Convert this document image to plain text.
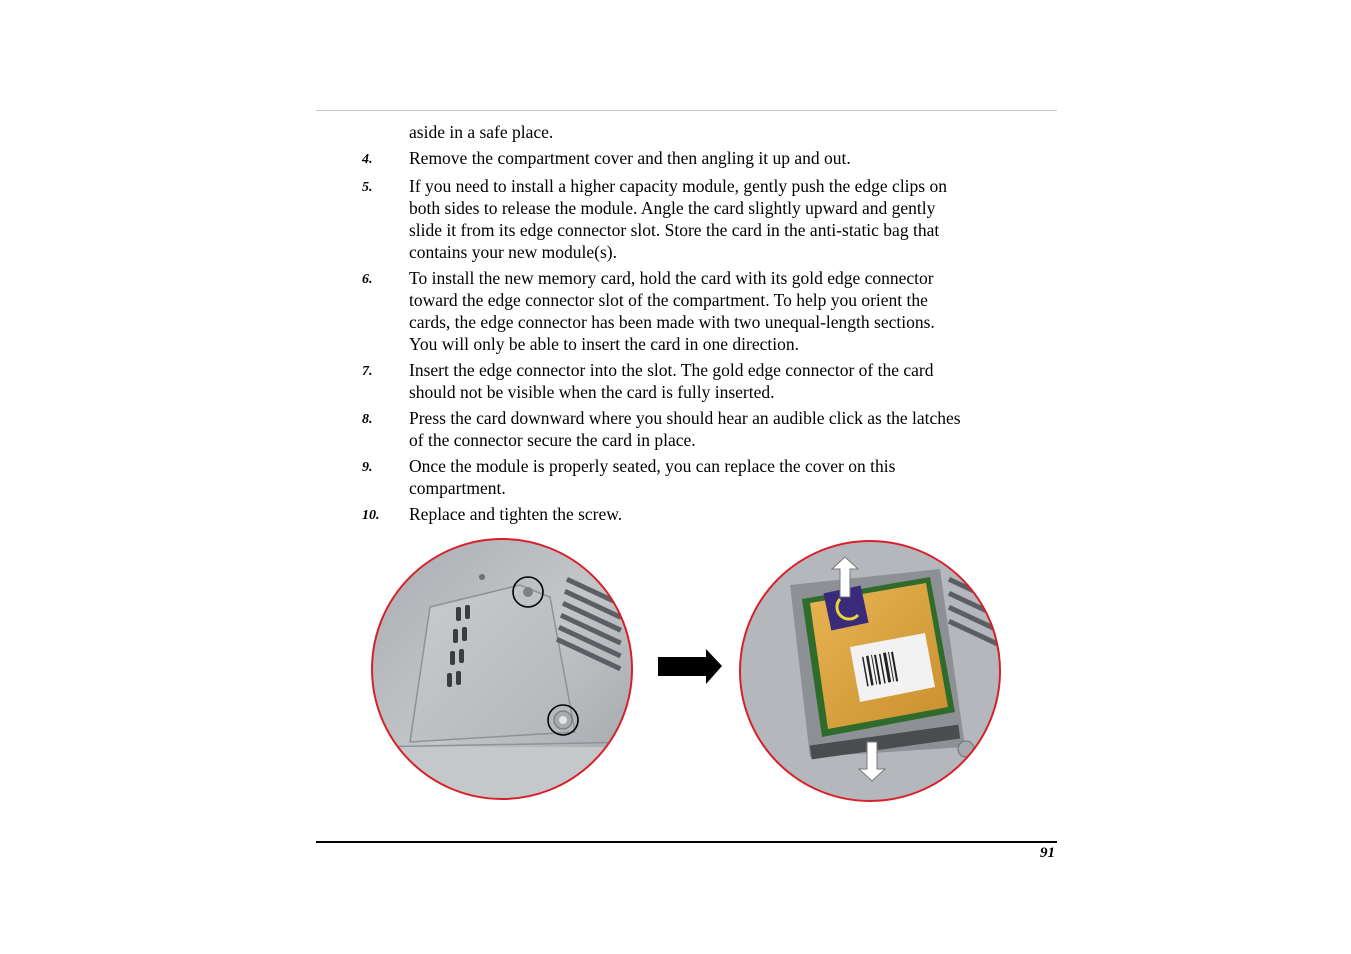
aside in a safe place.
4.	Remove the compartment cover and then angling it up and out.
5.	If you need to install a higher capacity module, gently push the edge clips on
both sides to release the module. Angle the card slightly upward and gently
slide it from its edge connector slot. Store the card in the anti-static bag that
contains your new module(s).
6.	To install the new memory card, hold the card with its gold edge connector
toward the edge connector slot of the compartment. To help you orient the
cards, the edge connector has been made with two unequal-length sections.
You will only be able to insert the card in one direction.
7.	Insert the edge connector into the slot. The gold edge connector of the card
should not be visible when the card is fully inserted.
8.	Press the card downward where you should hear an audible click as the latches
of the connector secure the card in place.
9.	Once the module is properly seated, you can replace the cover on this
compartment.
10.	Replace and tighten the screw.
91
